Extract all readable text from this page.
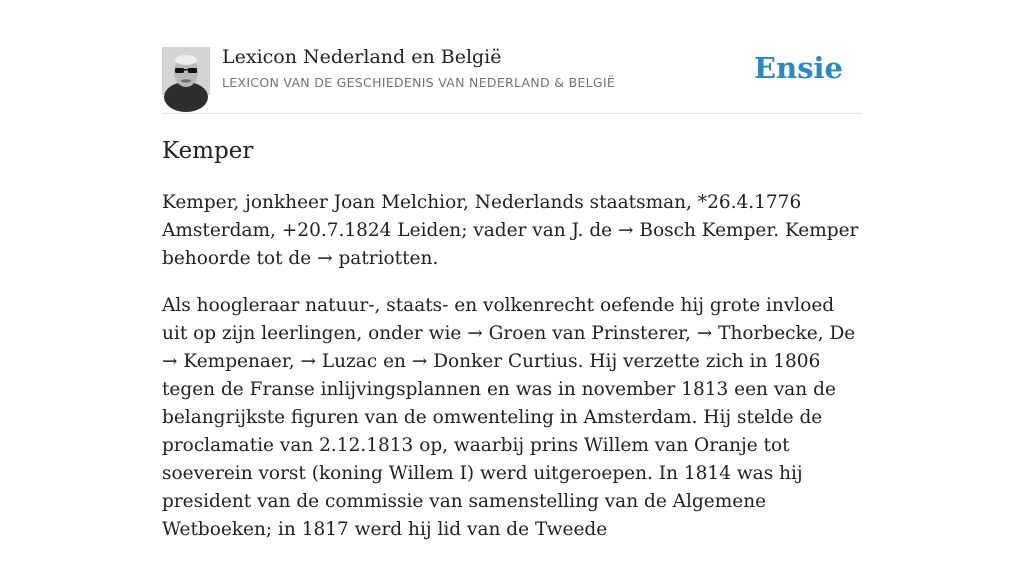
Lexicon Nederland en België
LEXICON VAN DE GESCHIEDENIS VAN NEDERLAND & BELGIË	Ensie
Kemper

Kemper, jonkheer Joan Melchior, Nederlands staatsman, *26.4.1776 Amsterdam, +20.7.1824 Leiden; vader van J. de → Bosch Kemper. Kemper behoorde tot de → patriotten.

Als hoogleraar natuur-, staats- en volkenrecht oefende hij grote invloed uit op zijn leerlingen, onder wie → Groen van Prinsterer, → Thorbecke, De → Kempenaer, → Luzac en → Donker Curtius. Hij verzette zich in 1806 tegen de Franse inlijvingsplannen en was in november 1813 een van de belangrijkste figuren van de omwenteling in Amsterdam. Hij stelde de proclamatie van 2.12.1813 op, waarbij prins Willem van Oranje tot soeverein vorst (koning Willem I) werd uitgeroepen. In 1814 was hij president van de commissie van samenstelling van de Algemene Wetboeken; in 1817 werd hij lid van de Tweede
